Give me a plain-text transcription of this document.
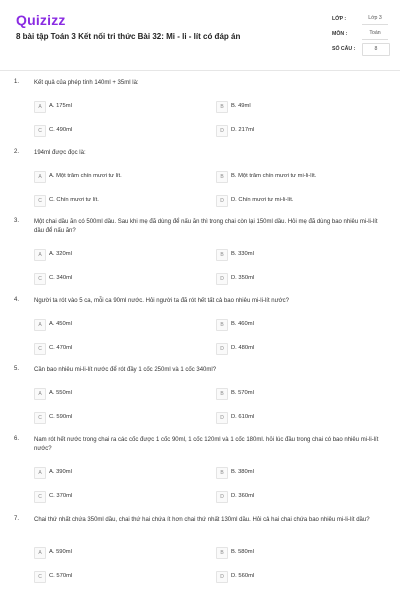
Quizizz
8 bài tập Toán 3 Kết nối tri thức Bài 32: Mi - li - lít có đáp án
LỚP :	Lớp 3
MÔN :	Toán
SỐ CÂU :	8
1. Kết quả của phép tính 140ml + 35ml là:
A	A. 175ml	B	B. 49ml
C	C. 490ml	D	D. 217ml
2. 194ml được đọc là:
A	A. Một trăm chín mươi tư lít.	B	B. Một trăm chín mươi tư mi-li-lít.
C	C. Chín mươi tư lít.	D	D. Chín mươi tư mi-li-lít.
3. Một chai dầu ăn có 500ml dầu. Sau khi mẹ đã dùng để nấu ăn thì trong chai còn lại 150ml dầu. Hỏi mẹ đã dùng bao nhiêu mi-li-lít dầu để nấu ăn?
A	A. 320ml	B	B. 330ml
C	C. 340ml	D	D. 350ml
4. Người ta rót vào 5 ca, mỗi ca 90ml nước. Hỏi người ta đã rót hết tất cả bao nhiêu mi-li-lít nước?
A	A. 450ml	B	B. 460ml
C	C. 470ml	D	D. 480ml
5. Cần bao nhiêu mi-li-lít nước để rót đầy 1 cốc 250ml và 1 cốc 340ml?
A	A. 550ml	B	B. 570ml
C	C. 590ml	D	D. 610ml
6. Nam rót hết nước trong chai ra các cốc được 1 cốc 90ml, 1 cốc 120ml và 1 cốc 180ml. hỏi lúc đầu trong chai có bao nhiêu mi-li-lít nước?
A	A. 390ml	B	B. 380ml
C	C. 370ml	D	D. 360ml
7. Chai thứ nhất chứa 350ml dầu, chai thứ hai chứa ít hơn chai thứ nhất 130ml dầu. Hỏi cả hai chai chứa bao nhiêu mi-li-lít dầu?
A	A. 590ml	B	B. 580ml
C	C. 570ml	D	D. 560ml
